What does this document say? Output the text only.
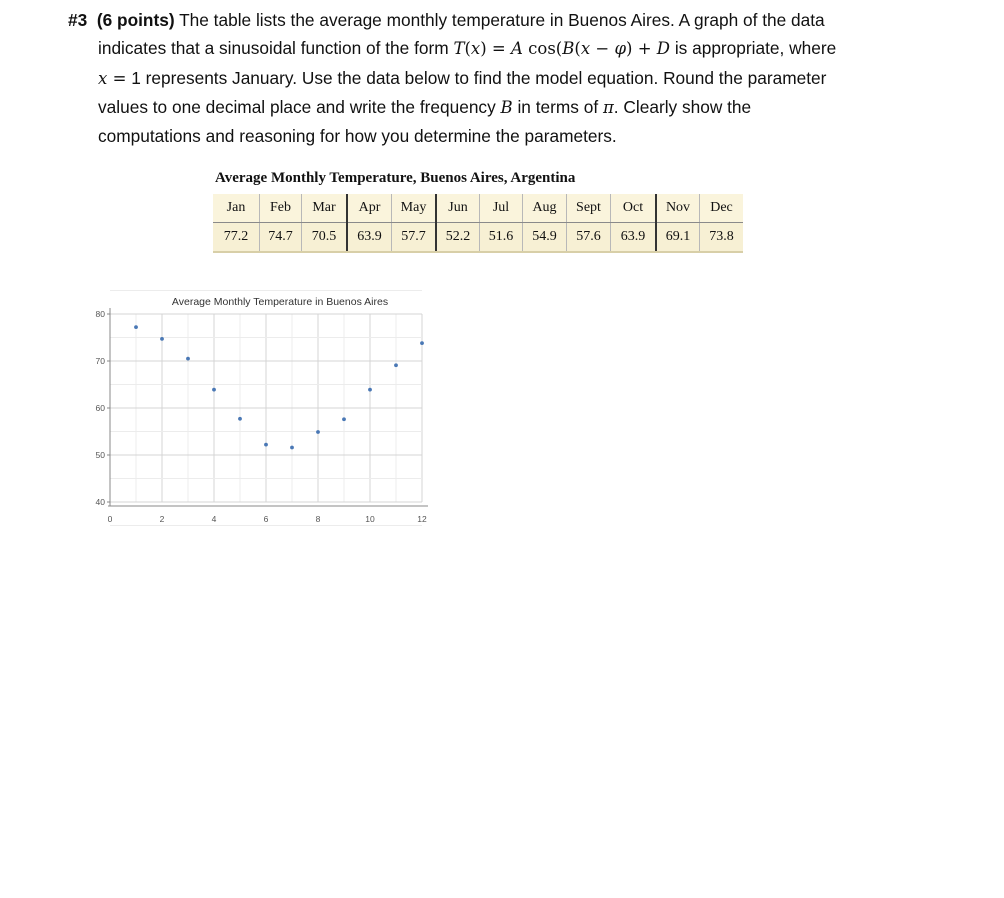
#3 (6 points) The table lists the average monthly temperature in Buenos Aires. A graph of the data
indicates that a sinusoidal function of the form T(x) = A cos(B(x − φ) + D is appropriate, where
x = 1 represents January. Use the data below to find the model equation. Round the parameter
values to one decimal place and write the frequency B in terms of π. Clearly show the
computations and reasoning for how you determine the parameters.
Average Monthly Temperature, Buenos Aires, Argentina
Jan	Feb	Mar	Apr	May	Jun	Jul	Aug	Sept	Oct	Nov	Dec
77.2	74.7	70.5	63.9	57.7	52.2	51.6	54.9	57.6	63.9	69.1	73.8
Average Monthly Temperature in Buenos Aires
0	2	4	6	8	10	12
40
50
60
70
80
